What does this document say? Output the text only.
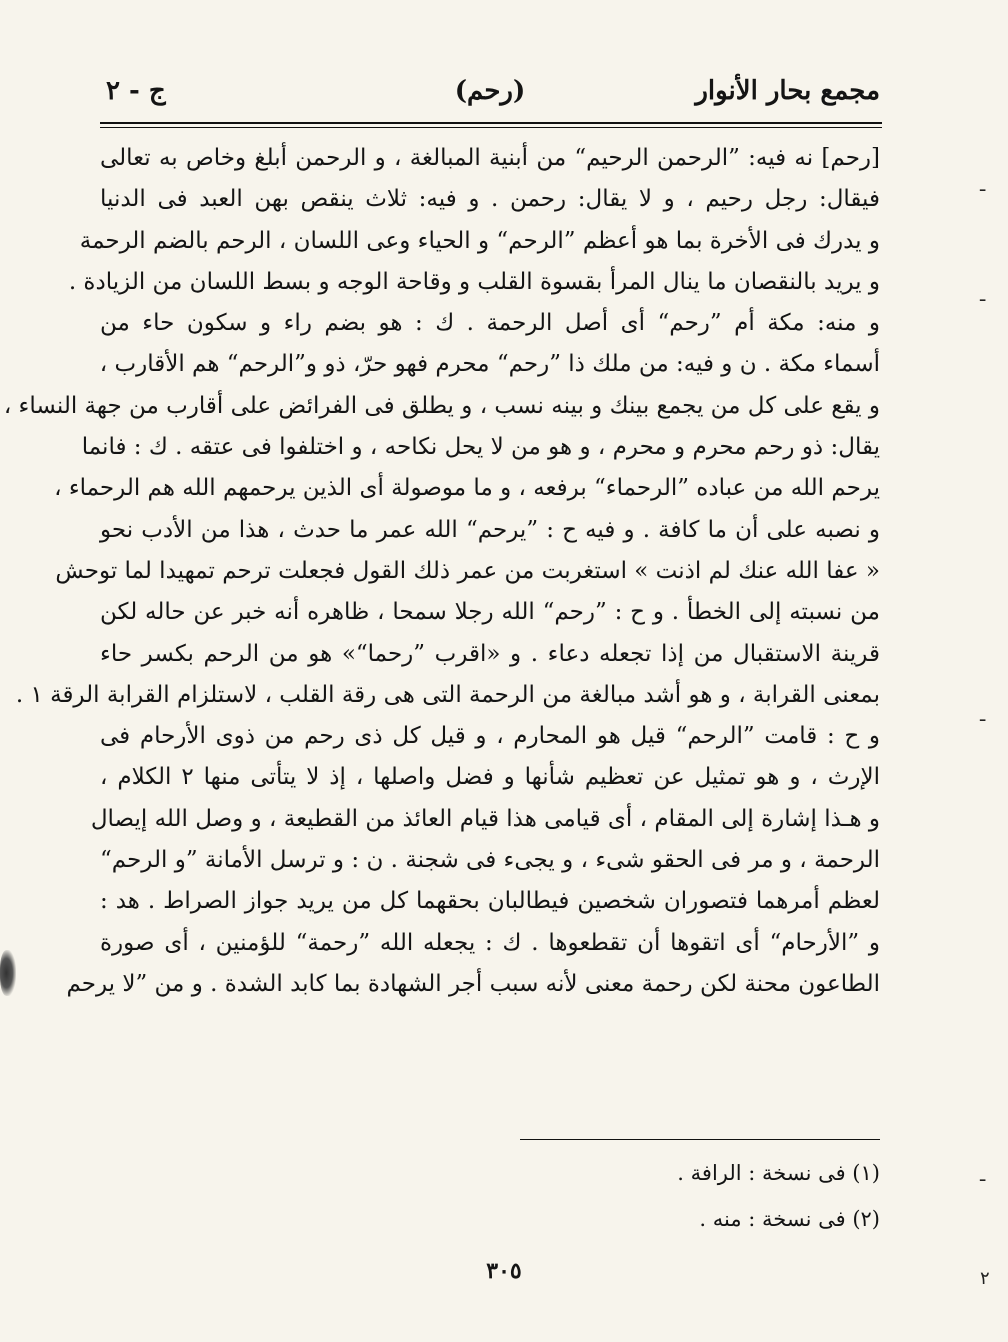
مجمع بحار الأنوار
(رحم)
ج - ٢
[رحم] نه فيه: ”الرحمن الرحيم“ من أبنية المبالغة ، و الرحمن أبلغ وخاص به تعالى
فيقال: رجل رحيم ، و لا يقال: رحمن . و فيه: ثلاث ينقص بهن العبد فى الدنيا
و يدرك فى الأخرة بما هو أعظم ”الرحم“ و الحياء وعى اللسان ، الرحم بالضم الرحمة
و يريد بالنقصان ما ينال المرأ بقسوة القلب و وقاحة الوجه و بسط اللسان من الزيادة .
و منه: مكة أم ”رحم“ أى أصل الرحمة . ك : هو بضم راء و سكون حاء من
أسماء مكة . ن و فيه: من ملك ذا ”رحم“ محرم فهو حرّ، ذو و”الرحم“ هم الأقارب ،
و يقع على كل من يجمع بينك و بينه نسب ، و يطلق فى الفرائض على أقارب من جهة النساء ،
يقال: ذو رحم محرم و محرم ، و هو من لا يحل نكاحه ، و اختلفوا فى عتقه . ك : فانما
يرحم الله من عباده ”الرحماء“ برفعه ، و ما موصولة أى الذين يرحمهم الله هم الرحماء ،
و نصبه على أن ما كافة . و فيه ح : ”يرحم“ الله عمر ما حدث ، هذا من الأدب نحو
« عفا الله عنك لم اذنت » استغربت من عمر ذلك القول فجعلت ترحم تمهيدا لما توحش
من نسبته إلى الخطأ . و ح : ”رحم“ الله رجلا سمحا ، ظاهره أنه خبر عن حاله لكن
قرينة الاستقبال من إذا تجعله دعاء . و «اقرب ”رحما“» هو من الرحم بكسر حاء
بمعنى القرابة ، و هو أشد مبالغة من الرحمة التى هى رقة القلب ، لاستلزام القرابة الرقة ١ .
و ح : قامت ”الرحم“ قيل هو المحارم ، و قيل كل ذى رحم من ذوى الأرحام فى
الإرث ، و هو تمثيل عن تعظيم شأنها و فضل واصلها ، إذ لا يتأتى منها ٢ الكلام ،
و هـذا إشارة إلى المقام ، أى قيامى هذا قيام العائذ من القطيعة ، و وصل الله إيصال
الرحمة ، و مر فى الحقو شىء ، و يجىء فى شجنة . ن : و ترسل الأمانة ”و الرحم“
لعظم أمرهما فتصوران شخصين فيطالبان بحقهما كل من يريد جواز الصراط . هد :
و ”الأرحام“ أى اتقوها أن تقطعوها . ك : يجعله الله ”رحمة“ للؤمنين ، أى صورة
الطاعون محنة لكن رحمة معنى لأنه سبب أجر الشهادة بما كابد الشدة . و من ”لا يرحم
(١) فى نسخة : الرافة .
(٢) فى نسخة : منه .
٣٠٥
ـ
ـ
ـ
ـ
٢
